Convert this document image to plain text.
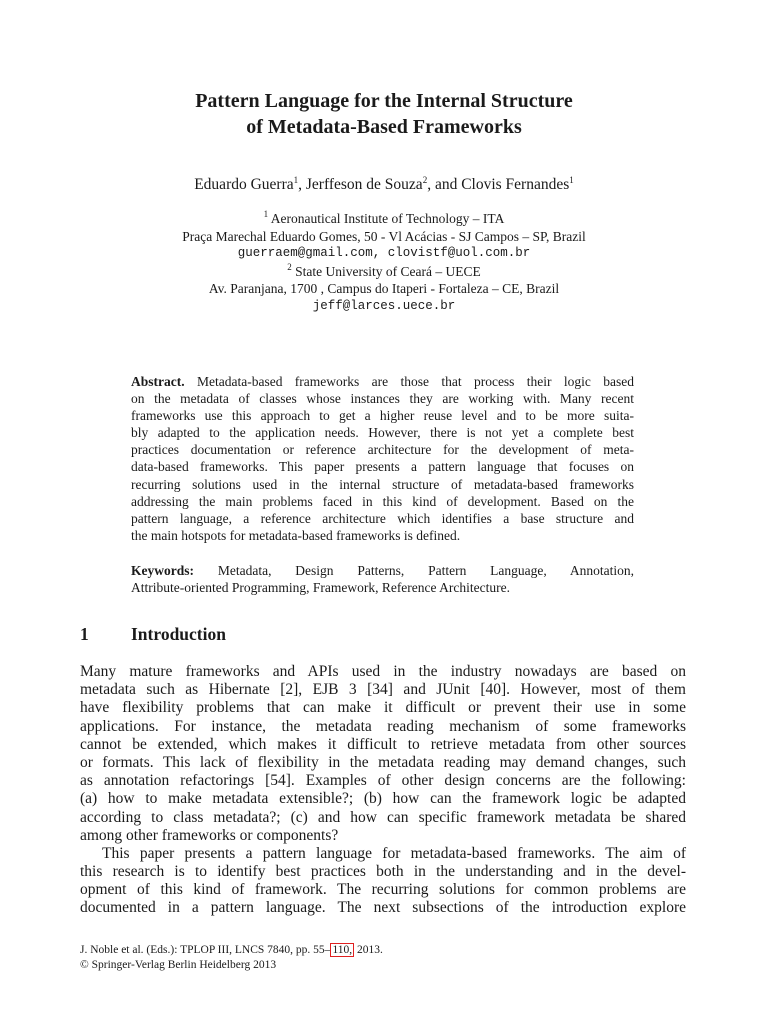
Pattern Language for the Internal Structure
of Metadata-Based Frameworks
Eduardo Guerra$^1$, Jerffeson de Souza$^2$, and Clovis Fernandes$^1$
$^1$ Aeronautical Institute of Technology – ITA
Praça Marechal Eduardo Gomes, 50 - Vl Acácias - SJ Campos – SP, Brazil
guerraem@gmail.com, clovistf@uol.com.br
$^2$ State University of Ceará – UECE
Av. Paranjana, 1700 , Campus do Itaperi - Fortaleza – CE, Brazil
jeff@larces.uece.br
Abstract. Metadata-based frameworks are those that process their logic based
on the metadata of classes whose instances they are working with. Many recent
frameworks use this approach to get a higher reuse level and to be more suita-
bly adapted to the application needs. However, there is not yet a complete best
practices documentation or reference architecture for the development of meta-
data-based frameworks. This paper presents a pattern language that focuses on
recurring solutions used in the internal structure of metadata-based frameworks
addressing the main problems faced in this kind of development. Based on the
pattern language, a reference architecture which identifies a base structure and
the main hotspots for metadata-based frameworks is defined.
Keywords: Metadata, Design Patterns, Pattern Language, Annotation,
Attribute-oriented Programming, Framework, Reference Architecture.
1 Introduction
Many mature frameworks and APIs used in the industry nowadays are based on
metadata such as Hibernate [2], EJB 3 [34] and JUnit [40]. However, most of them
have flexibility problems that can make it difficult or prevent their use in some
applications. For instance, the metadata reading mechanism of some frameworks
cannot be extended, which makes it difficult to retrieve metadata from other sources
or formats. This lack of flexibility in the metadata reading may demand changes, such
as annotation refactorings [54]. Examples of other design concerns are the following:
(a) how to make metadata extensible?; (b) how can the framework logic be adapted
according to class metadata?; (c) and how can specific framework metadata be shared
among other frameworks or components?
This paper presents a pattern language for metadata-based frameworks. The aim of
this research is to identify best practices both in the understanding and in the devel-
opment of this kind of framework. The recurring solutions for common problems are
documented in a pattern language. The next subsections of the introduction explore
J. Noble et al. (Eds.): TPLOP III, LNCS 7840, pp. 55– 110, 2013.
© Springer-Verlag Berlin Heidelberg 2013
